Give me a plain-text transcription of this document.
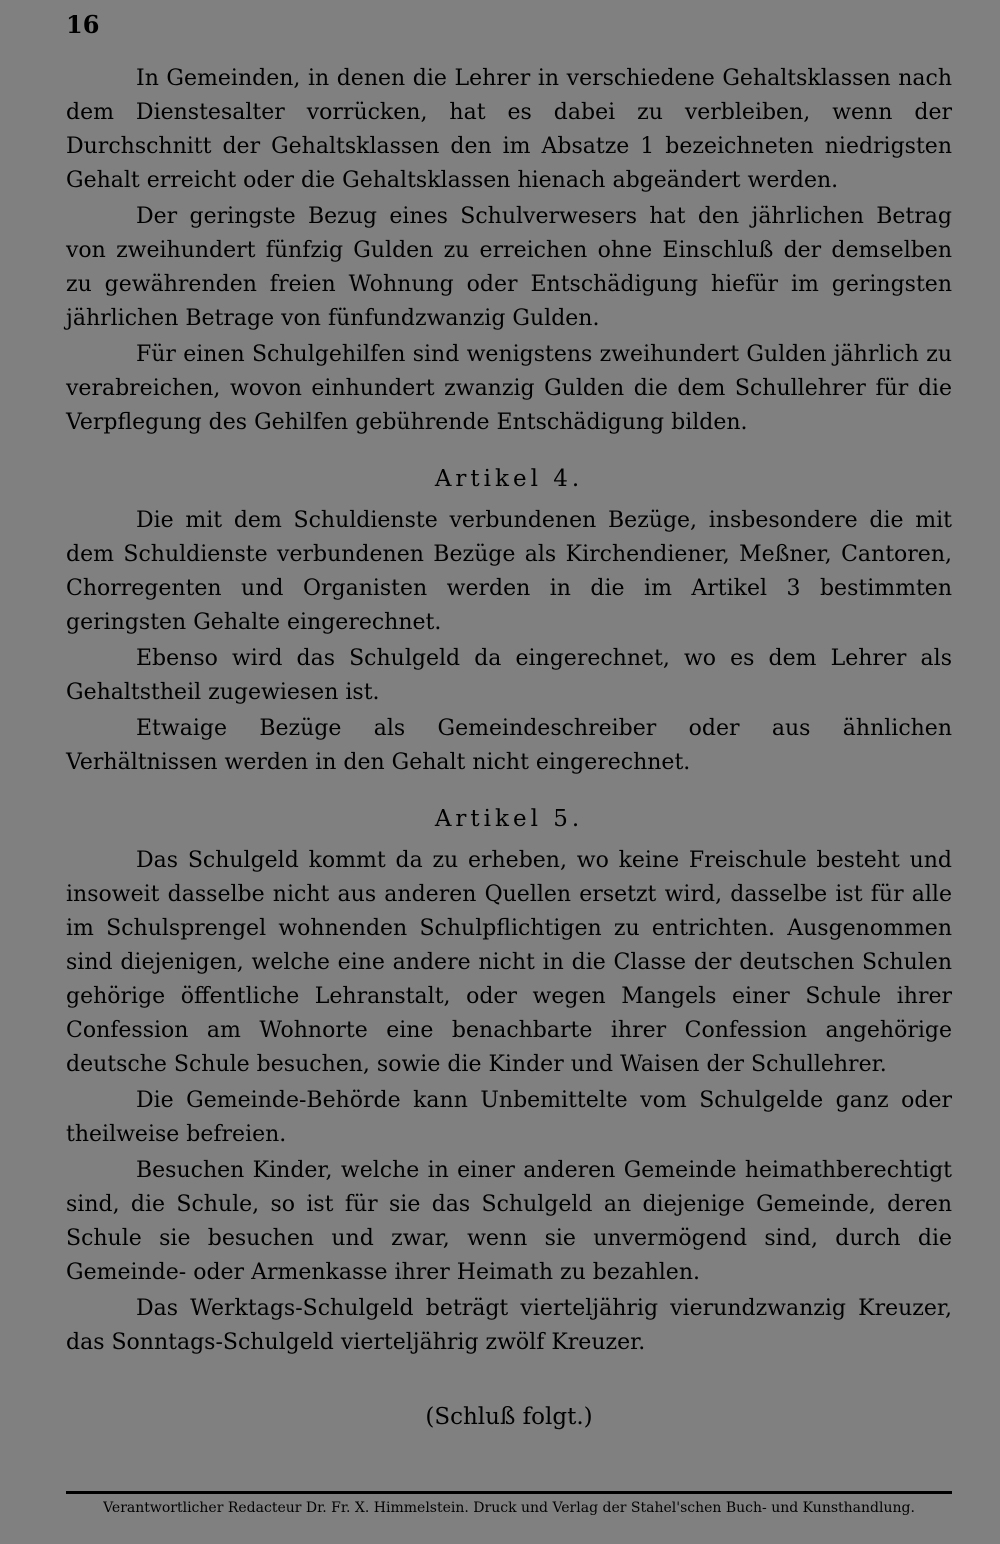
16

In Gemeinden, in denen die Lehrer in verschiedene Gehaltsklassen nach dem Dienstesalter vorrücken, hat es dabei zu verbleiben, wenn der Durchschnitt der Gehaltsklassen den im Absatze 1 bezeichneten niedrigsten Gehalt erreicht oder die Gehaltsklassen hienach abgeändert werden.

Der geringste Bezug eines Schulverwesers hat den jährlichen Betrag von zweihundert fünfzig Gulden zu erreichen ohne Einschluß der demselben zu gewährenden freien Wohnung oder Entschädigung hiefür im geringsten jährlichen Betrage von fünfundzwanzig Gulden.

Für einen Schulgehilfen sind wenigstens zweihundert Gulden jährlich zu verabreichen, wovon einhundert zwanzig Gulden die dem Schullehrer für die Verpflegung des Gehilfen gebührende Entschädigung bilden.

Artikel 4.

Die mit dem Schuldienste verbundenen Bezüge, insbesondere die mit dem Schuldienste verbundenen Bezüge als Kirchendiener, Meßner, Cantoren, Chorregenten und Organisten werden in die im Artikel 3 bestimmten geringsten Gehalte eingerechnet.

Ebenso wird das Schulgeld da eingerechnet, wo es dem Lehrer als Gehaltstheil zugewiesen ist.

Etwaige Bezüge als Gemeindeschreiber oder aus ähnlichen Verhältnissen werden in den Gehalt nicht eingerechnet.

Artikel 5.

Das Schulgeld kommt da zu erheben, wo keine Freischule besteht und insoweit dasselbe nicht aus anderen Quellen ersetzt wird, dasselbe ist für alle im Schulsprengel wohnenden Schulpflichtigen zu entrichten. Ausgenommen sind diejenigen, welche eine andere nicht in die Classe der deutschen Schulen gehörige öffentliche Lehranstalt, oder wegen Mangels einer Schule ihrer Confession am Wohnorte eine benachbarte ihrer Confession angehörige deutsche Schule besuchen, sowie die Kinder und Waisen der Schullehrer.

Die Gemeinde-Behörde kann Unbemittelte vom Schulgelde ganz oder theilweise befreien.

Besuchen Kinder, welche in einer anderen Gemeinde heimathberechtigt sind, die Schule, so ist für sie das Schulgeld an diejenige Gemeinde, deren Schule sie besuchen und zwar, wenn sie unvermögend sind, durch die Gemeinde- oder Armenkasse ihrer Heimath zu bezahlen.

Das Werktags-Schulgeld beträgt vierteljährig vierundzwanzig Kreuzer, das Sonntags-Schulgeld vierteljährig zwölf Kreuzer.

(Schluß folgt.)
Verantwortlicher Redacteur Dr. Fr. X. Himmelstein. Druck und Verlag der Stahel'schen Buch- und Kunsthandlung.
